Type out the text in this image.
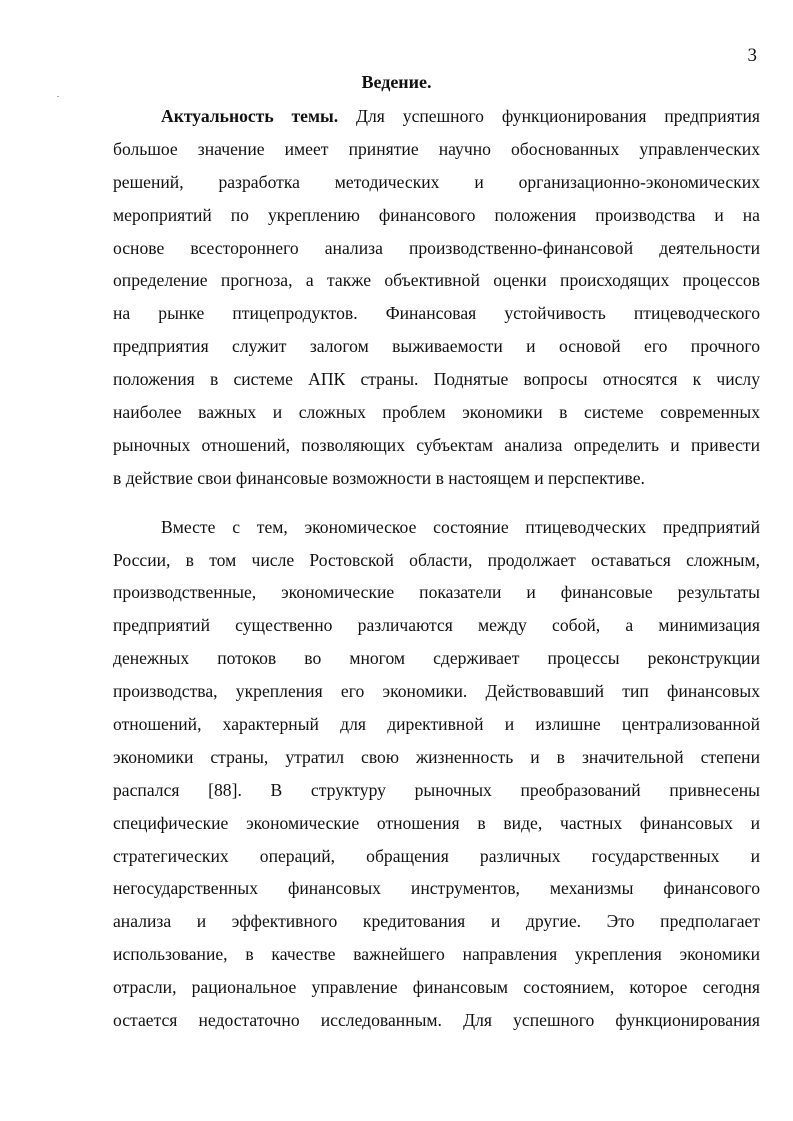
3
Ведение.
Актуальность темы. Для успешного функционирования предприятия
большое значение имеет принятие научно обоснованных управленческих
решений, разработка методических и организационно-экономических
мероприятий по укреплению финансового положения производства и на
основе всестороннего анализа производственно-финансовой деятельности
определение прогноза, а также объективной оценки происходящих процессов
на рынке птицепродуктов. Финансовая устойчивость птицеводческого
предприятия служит залогом выживаемости и основой его прочного
положения в системе АПК страны. Поднятые вопросы относятся к числу
наиболее важных и сложных проблем экономики в системе современных
рыночных отношений, позволяющих субъектам анализа определить и привести
в действие свои финансовые возможности в настоящем и перспективе.
Вместе с тем, экономическое состояние птицеводческих предприятий
России, в том числе Ростовской области, продолжает оставаться сложным,
производственные, экономические показатели и финансовые результаты
предприятий существенно различаются между собой, а минимизация
денежных потоков во многом сдерживает процессы реконструкции
производства, укрепления его экономики. Действовавший тип финансовых
отношений, характерный для директивной и излишне централизованной
экономики страны, утратил свою жизненность и в значительной степени
распался [88]. В структуру рыночных преобразований привнесены
специфические экономические отношения в виде, частных финансовых и
стратегических операций, обращения различных государственных и
негосударственных финансовых инструментов, механизмы финансового
анализа и эффективного кредитования и другие. Это предполагает
использование, в качестве важнейшего направления укрепления экономики
отрасли, рациональное управление финансовым состоянием, которое сегодня
остается недостаточно исследованным. Для успешного функционирования
